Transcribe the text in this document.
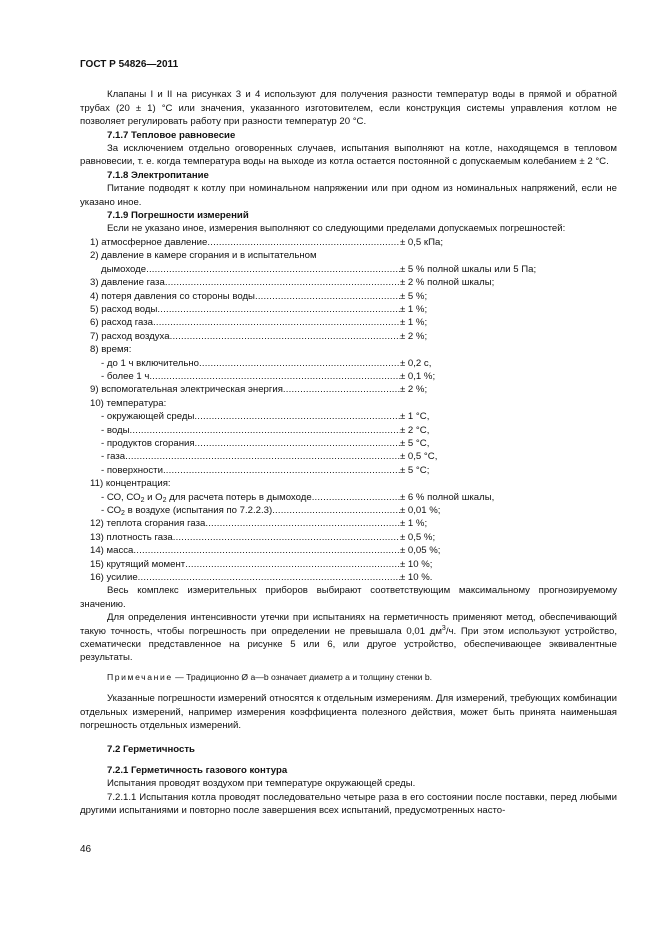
ГОСТ Р 54826—2011

Клапаны I и II на рисунках 3 и 4 используют для получения разности температур воды в прямой и обратной трубах (20 ± 1) °С или значения, указанного изготовителем, если конструкция системы управления котлом не позволяет регулировать работу при разности температур 20 °С.

7.1.7 Тепловое равновесие

За исключением отдельно оговоренных случаев, испытания выполняют на котле, находящемся в тепловом равновесии, т. е. когда температура воды на выходе из котла остается постоянной с допускаемым колебанием ± 2 °С.

7.1.8 Электропитание

Питание подводят к котлу при номинальном напряжении или при одном из номинальных напряжений, если не указано иное.

7.1.9 Погрешности измерений

Если не указано иное, измерения выполняют со следующими пределами допускаемых погрешностей:

1) атмосферное давление .....	± 0,5 кПа;
2) давление в камере сгорания и в испытательном
дымоходе .....	± 5 % полной шкалы или 5 Па;
3) давление газа .....	± 2 % полной шкалы;
4) потеря давления со стороны воды .....	± 5 %;
5) расход воды .....	± 1 %;
6) расход газа .....	± 1 %;
7) расход воздуха .....	± 2 %;
8) время:
- до 1 ч включительно .....	± 0,2 с,
- более 1 ч. .....	± 0,1 %;
9) вспомогательная электрическая энергия .....	± 2 %;
10) температура:
- окружающей среды .....	± 1 °С,
- воды .....	± 2 °С,
- продуктов сгорания .....	± 5 °С,
- газа .....	± 0,5 °С,
- поверхности .....	± 5 °С;
11) концентрация:
- СО, $СО_2$ и $О_2$ для расчета потерь в дымоходе .....	± 6 % полной шкалы,
- $СО_2$ в воздухе (испытания по 7.2.2.3) .....	± 0,01 %;
12) теплота сгорания газа .....	± 1 %;
13) плотность газа .....	± 0,5 %;
14) масса .....	± 0,05 %;
15) крутящий момент .....	± 10 %;
16) усилие .....	± 10 %.

Весь комплекс измерительных приборов выбирают соответствующим максимальному прогнозируемому значению.

Для определения интенсивности утечки при испытаниях на герметичность применяют метод, обеспечивающий такую точность, чтобы погрешность при определении не превышала 0,01 $дм^3/ч$. При этом используют устройство, схематически представленное на рисунке 5 или 6, или другое устройство, обеспечивающее эквивалентные результаты.

Примечание — Традиционно Ø a—b означает диаметр a и толщину стенки b.

Указанные погрешности измерений относятся к отдельным измерениям. Для измерений, требующих комбинации отдельных измерений, например измерения коэффициента полезного действия, может быть принята наименьшая погрешность отдельных измерений.

7.2 Герметичность
7.2.1 Герметичность газового контура

Испытания проводят воздухом при температуре окружающей среды.

7.2.1.1 Испытания котла проводят последовательно четыре раза в его состоянии после поставки, перед любыми другими испытаниями и повторно после завершения всех испытаний, предусмотренных насто-

46
